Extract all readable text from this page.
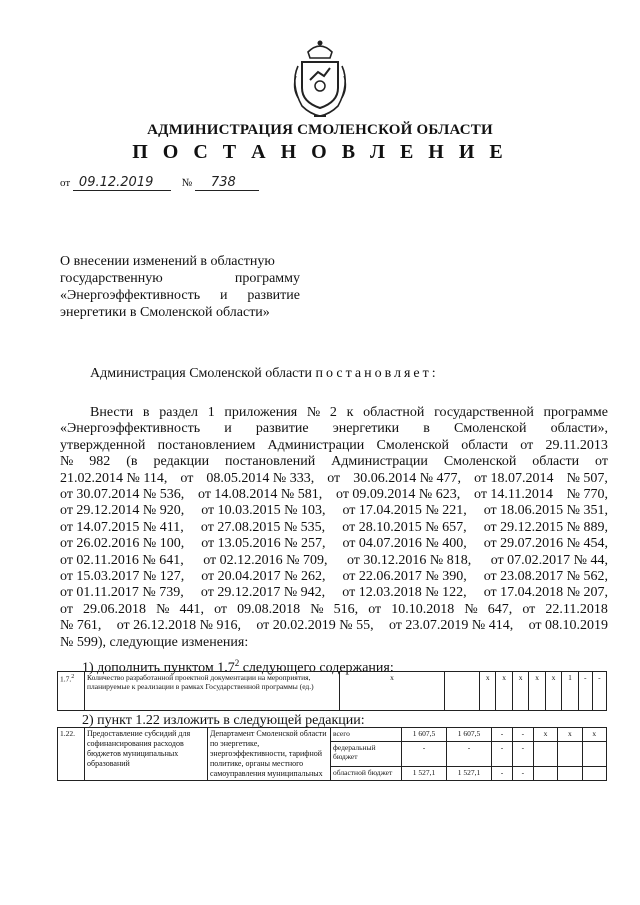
АДМИНИСТРАЦИЯ СМОЛЕНСКОЙ ОБЛАСТИ
П О С Т А Н О В Л Е Н И Е
от 09.12.2019	№ 738
О внесении изменений в областную
государственную	программу
«Энергоэффективность и развитие
энергетики в Смоленской области»
Администрация Смоленской области постановляет:
Внести в раздел 1 приложения № 2 к областной государственной программе
«Энергоэффективность и развитие энергетики в Смоленской области»,
утвержденной постановлением Администрации Смоленской области от 29.11.2013
№ 982 (в редакции постановлений Администрации Смоленской области от
21.02.2014 № 114, от 08.05.2014 № 333, от 30.06.2014 № 477, от 18.07.2014 № 507,
от 30.07.2014 № 536, от 14.08.2014 № 581, от 09.09.2014 № 623, от 14.11.2014 № 770,
от 29.12.2014 № 920, от 10.03.2015 № 103, от 17.04.2015 № 221, от 18.06.2015 № 351,
от 14.07.2015 № 411, от 27.08.2015 № 535, от 28.10.2015 № 657, от 29.12.2015 № 889,
от 26.02.2016 № 100, от 13.05.2016 № 257, от 04.07.2016 № 400, от 29.07.2016 № 454,
от 02.11.2016 № 641, от 02.12.2016 № 709, от 30.12.2016 № 818, от 07.02.2017 № 44,
от 15.03.2017 № 127, от 20.04.2017 № 262, от 22.06.2017 № 390, от 23.08.2017 № 562,
от 01.11.2017 № 739, от 29.12.2017 № 942, от 12.03.2018 № 122, от 17.04.2018 № 207,
от 29.06.2018 № 441, от 09.08.2018 № 516, от 10.10.2018 № 647, от 22.11.2018
№ 761, от 26.12.2018 № 916, от 20.02.2019 № 55, от 23.07.2019 № 414, от 08.10.2019
№ 599), следующие изменения:
1) дополнить пунктом $1.7^2$ следующего содержания:
1.7.$^2$	Количество разработанной проектной документации на мероприятия, планируемые к реализации в рамках Государственной программы (ед.)	х		х	х	х	х	х	1	-	-
2) пункт 1.22 изложить в следующей редакции:
1.22.	Предоставление субсидий для софинансирования расходов бюджетов муниципальных образований	Департамент Смоленской области по энергетике, энергоэффективности, тарифной политике, органы местного самоуправления муниципальных	всего	1 607,5	1 607,5	-	-	х	х	х
			федеральный бюджет	-	-	-	-			
			областной бюджет	1 527,1	1 527,1	-	-			
